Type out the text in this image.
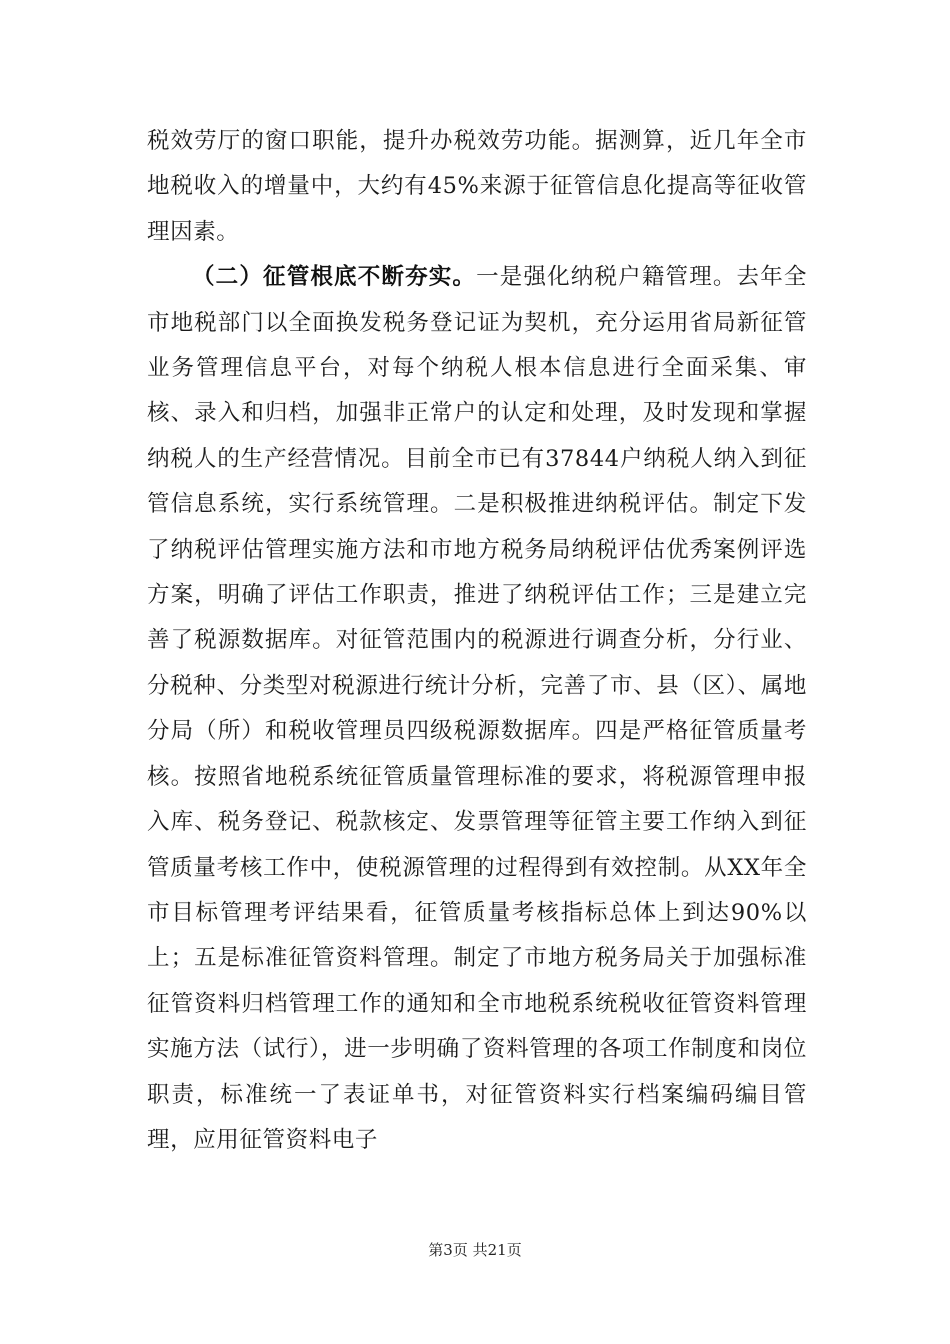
税效劳厅的窗口职能，提升办税效劳功能。据测算，近几年全市地税收入的增量中，大约有45%来源于征管信息化提高等征收管理因素。

（二）征管根底不断夯实。一是强化纳税户籍管理。去年全市地税部门以全面换发税务登记证为契机，充分运用省局新征管业务管理信息平台，对每个纳税人根本信息进行全面采集、审核、录入和归档，加强非正常户的认定和处理，及时发现和掌握纳税人的生产经营情况。目前全市已有37844户纳税人纳入到征管信息系统，实行系统管理。二是积极推进纳税评估。制定下发了纳税评估管理实施方法和市地方税务局纳税评估优秀案例评选方案，明确了评估工作职责，推进了纳税评估工作；三是建立完善了税源数据库。对征管范围内的税源进行调查分析，分行业、分税种、分类型对税源进行统计分析，完善了市、县（区）、属地分局（所）和税收管理员四级税源数据库。四是严格征管质量考核。按照省地税系统征管质量管理标准的要求，将税源管理申报入库、税务登记、税款核定、发票管理等征管主要工作纳入到征管质量考核工作中，使税源管理的过程得到有效控制。从XX年全市目标管理考评结果看，征管质量考核指标总体上到达90%以上；五是标准征管资料管理。制定了市地方税务局关于加强标准征管资料归档管理工作的通知和全市地税系统税收征管资料管理实施方法（试行），进一步明确了资料管理的各项工作制度和岗位职责，标准统一了表证单书，对征管资料实行档案编码编目管理，应用征管资料电子

第3页 共21页
